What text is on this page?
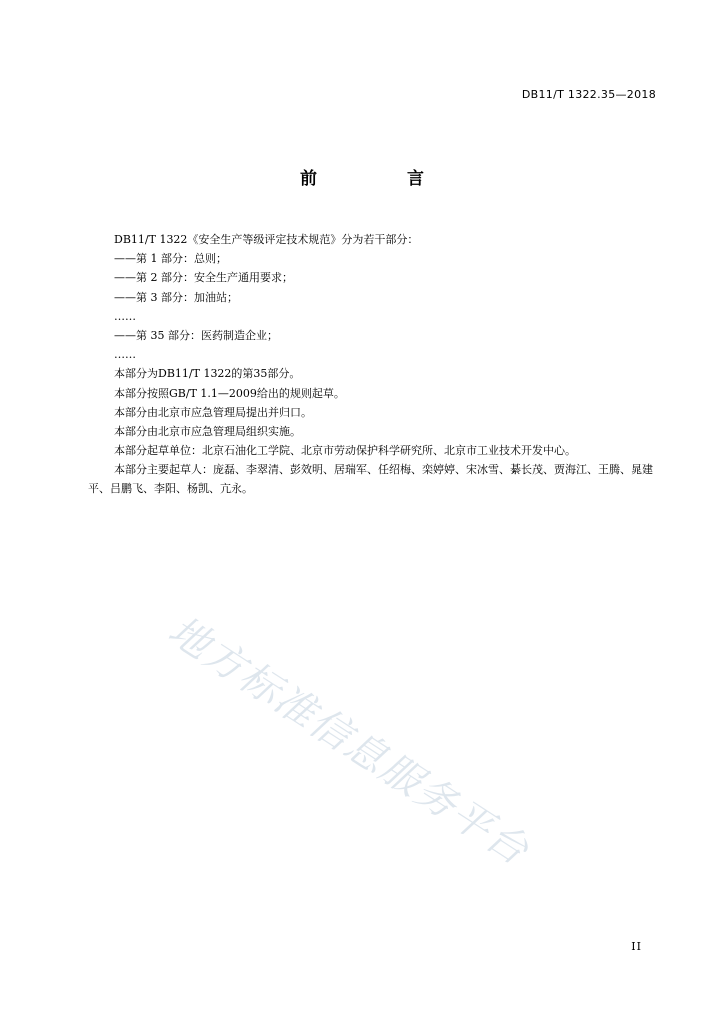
DB11/T 1322.35—2018
前 言
DB11/T 1322《安全生产等级评定技术规范》分为若干部分：
——第 1 部分：总则；
——第 2 部分：安全生产通用要求；
——第 3 部分：加油站；
……
——第 35 部分：医药制造企业；
……
本部分为DB11/T 1322的第35部分。
本部分按照GB/T 1.1—2009给出的规则起草。
本部分由北京市应急管理局提出并归口。
本部分由北京市应急管理局组织实施。
本部分起草单位：北京石油化工学院、北京市劳动保护科学研究所、北京市工业技术开发中心。
本部分主要起草人：庞磊、李翠清、彭效明、居瑞军、任绍梅、栾婷婷、宋冰雪、綦长茂、贾海江、王腾、晁建平、吕鹏飞、李阳、杨凯、亢永。
地方标准信息服务平台
II
